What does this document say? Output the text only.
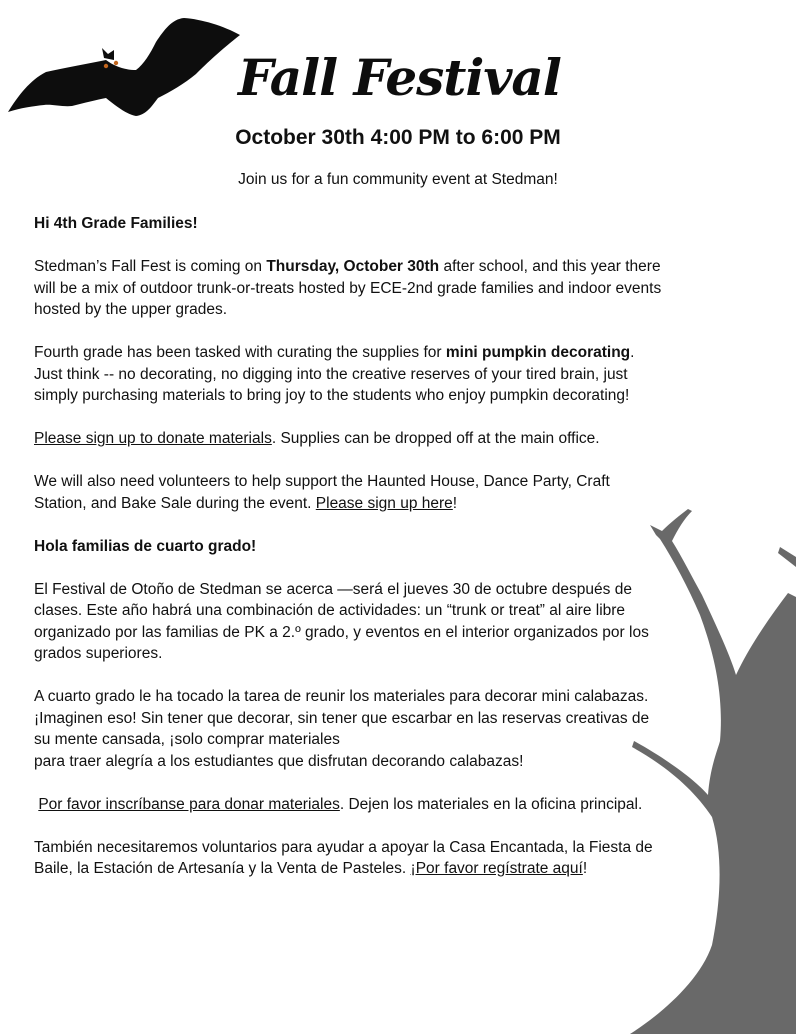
Fall Festival
October 30th 4:00 PM to 6:00 PM
Join us for a fun community event at Stedman!

Hi 4th Grade Families!

Stedman’s Fall Fest is coming on Thursday, October 30th after school, and this year there will be a mix of outdoor trunk-or-treats hosted by ECE-2nd grade families and indoor events hosted by the upper grades.

Fourth grade has been tasked with curating the supplies for mini pumpkin decorating. Just think -- no decorating, no digging into the creative reserves of your tired brain, just simply purchasing materials to bring joy to the students who enjoy pumpkin decorating!

Please sign up to donate materials. Supplies can be dropped off at the main office.

We will also need volunteers to help support the Haunted House, Dance Party, Craft Station, and Bake Sale during the event. Please sign up here!

Hola familias de cuarto grado!

El Festival de Otoño de Stedman se acerca —será el jueves 30 de octubre después de clases. Este año habrá una combinación de actividades: un “trunk or treat” al aire libre organizado por las familias de PK a 2.º grado, y eventos en el interior organizados por los grados superiores.

A cuarto grado le ha tocado la tarea de reunir los materiales para decorar mini calabazas. ¡Imaginen eso! Sin tener que decorar, sin tener que escarbar en las reservas creativas de su mente cansada, ¡solo comprar materiales
para traer alegría a los estudiantes que disfrutan decorando calabazas!

Por favor inscríbanse para donar materiales. Dejen los materiales en la oficina principal.

También necesitaremos voluntarios para ayudar a apoyar la Casa Encantada, la Fiesta de Baile, la Estación de Artesanía y la Venta de Pasteles. ¡Por favor regístrate aquí!
